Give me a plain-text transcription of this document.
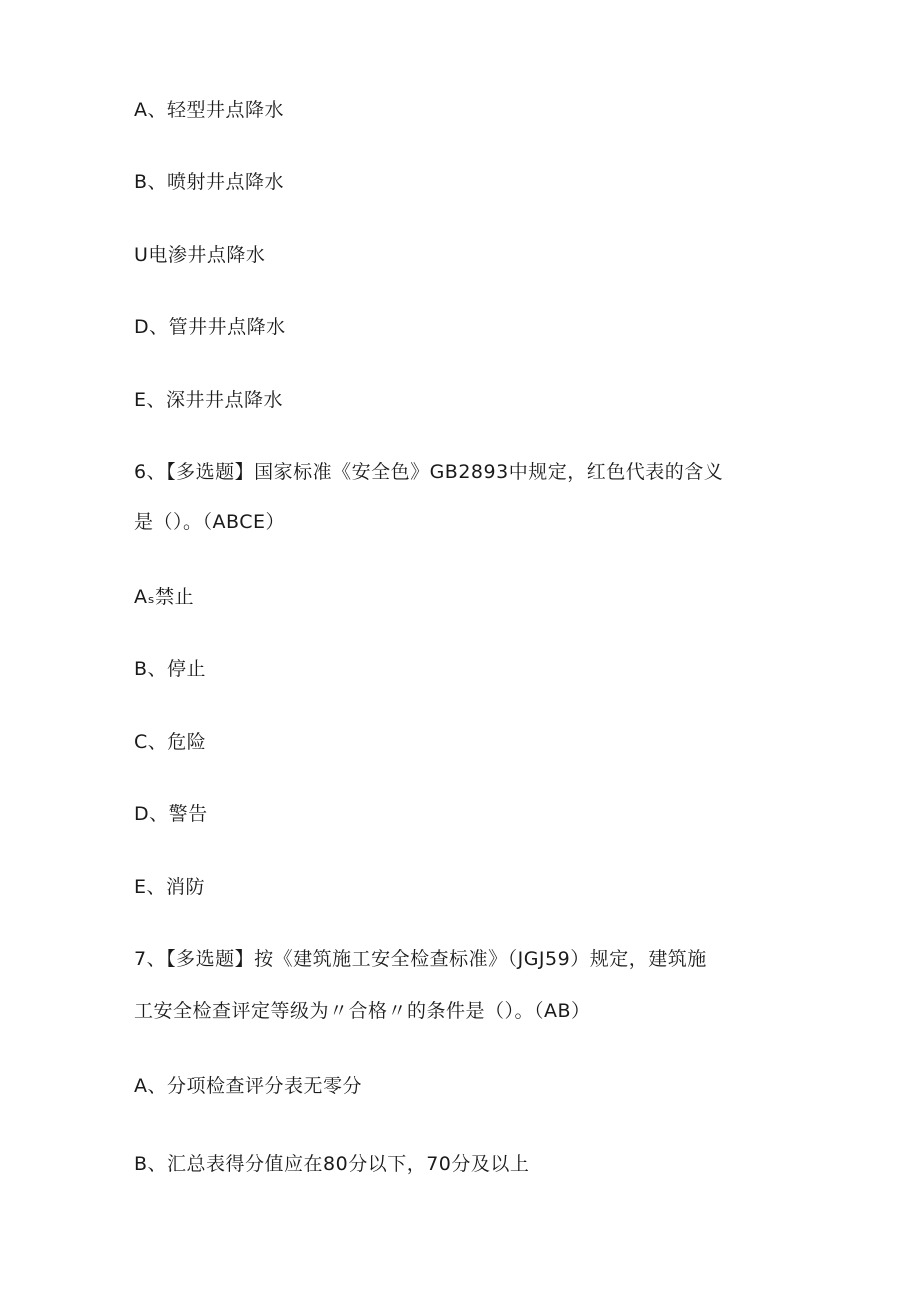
A、轻型井点降水
B、喷射井点降水
U电渗井点降水
D、管井井点降水
E、深井井点降水
6、【多选题】国家标准《安全色》GB2893中规定，红色代表的含义
是（）。（ABCE）
Aₛ禁止
B、停止
C、危险
D、警告
E、消防
7、【多选题】按《建筑施工安全检查标准》（JGJ59）规定，建筑施
工安全检查评定等级为〃合格〃的条件是（）。（AB）
A、分项检查评分表无零分
B、汇总表得分值应在80分以下，70分及以上
